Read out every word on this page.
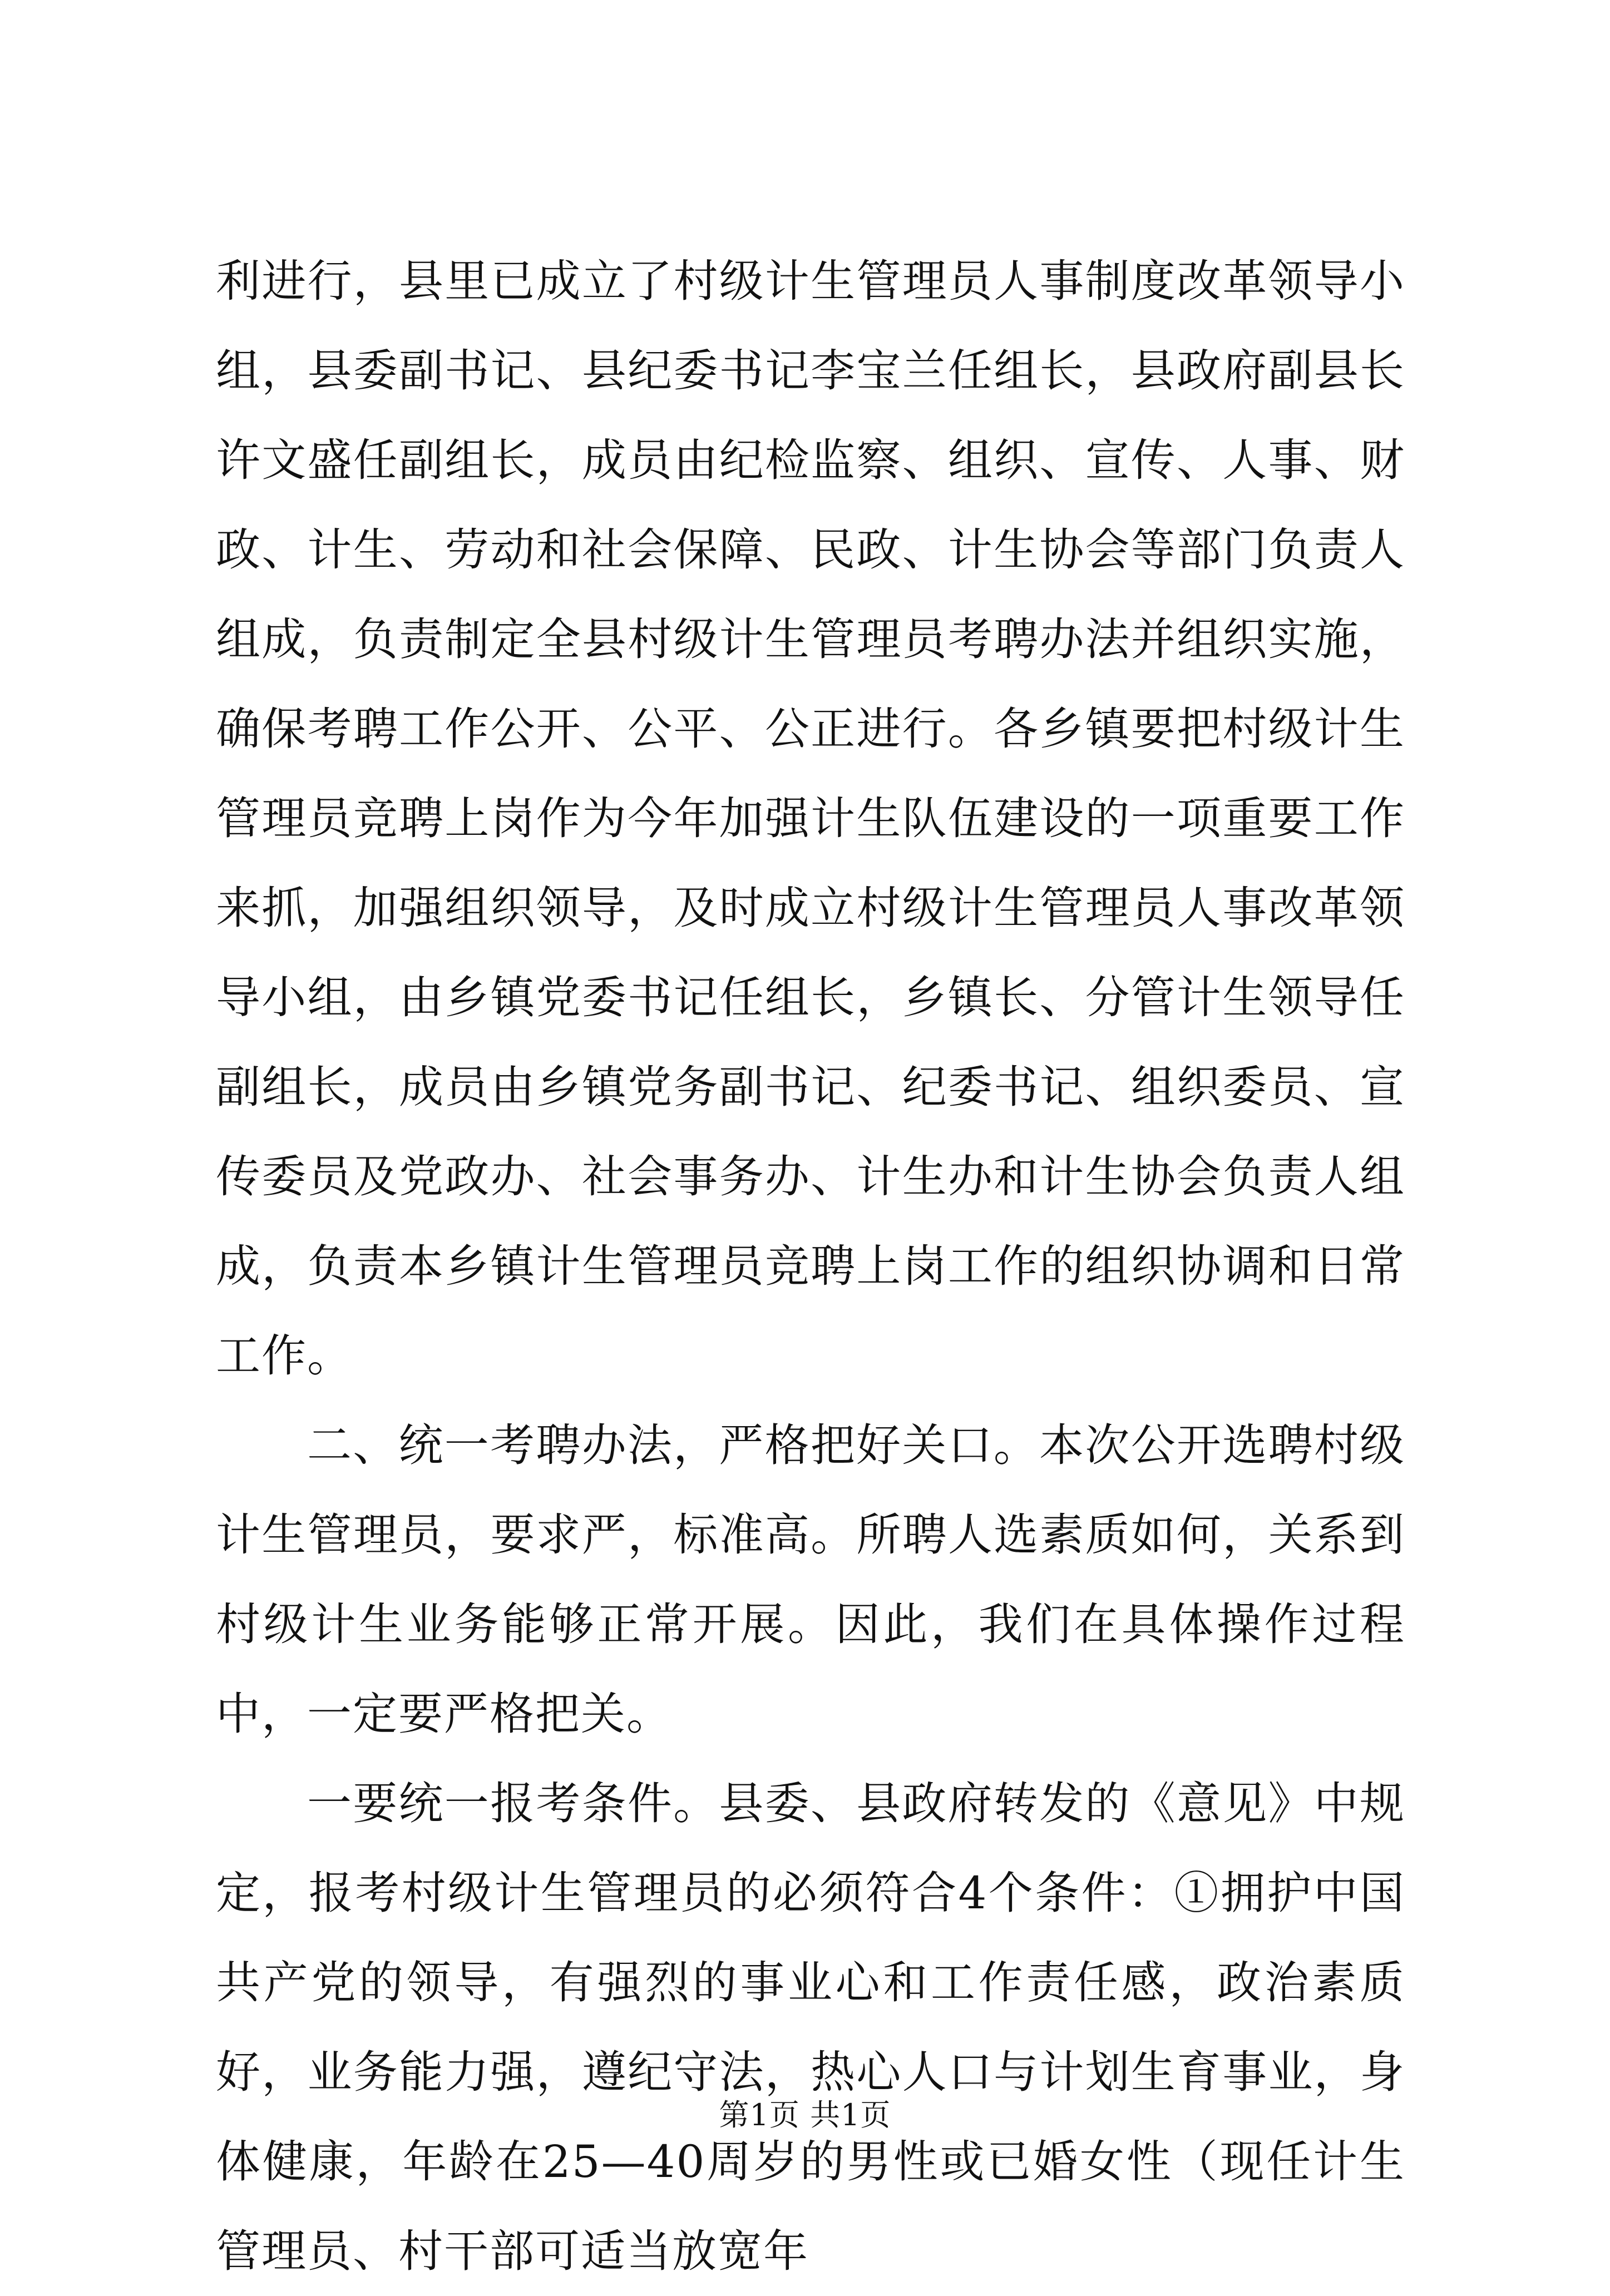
利进行，县里已成立了村级计生管理员人事制度改革领导小组，县委副书记、县纪委书记李宝兰任组长，县政府副县长许文盛任副组长，成员由纪检监察、组织、宣传、人事、财政、计生、劳动和社会保障、民政、计生协会等部门负责人组成，负责制定全县村级计生管理员考聘办法并组织实施，确保考聘工作公开、公平、公正进行。各乡镇要把村级计生管理员竞聘上岗作为今年加强计生队伍建设的一项重要工作来抓，加强组织领导，及时成立村级计生管理员人事改革领导小组，由乡镇党委书记任组长，乡镇长、分管计生领导任副组长，成员由乡镇党务副书记、纪委书记、组织委员、宣传委员及党政办、社会事务办、计生办和计生协会负责人组成，负责本乡镇计生管理员竞聘上岗工作的组织协调和日常工作。

二、统一考聘办法，严格把好关口。本次公开选聘村级计生管理员，要求严，标准高。所聘人选素质如何，关系到村级计生业务能够正常开展。因此，我们在具体操作过程中，一定要严格把关。

一要统一报考条件。县委、县政府转发的《意见》中规定，报考村级计生管理员的必须符合4个条件：①拥护中国共产党的领导，有强烈的事业心和工作责任感，政治素质好，业务能力强，遵纪守法，热心人口与计划生育事业，身体健康，年龄在25—40周岁的男性或已婚女性（现任计生管理员、村干部可适当放宽年

第1页 共1页
